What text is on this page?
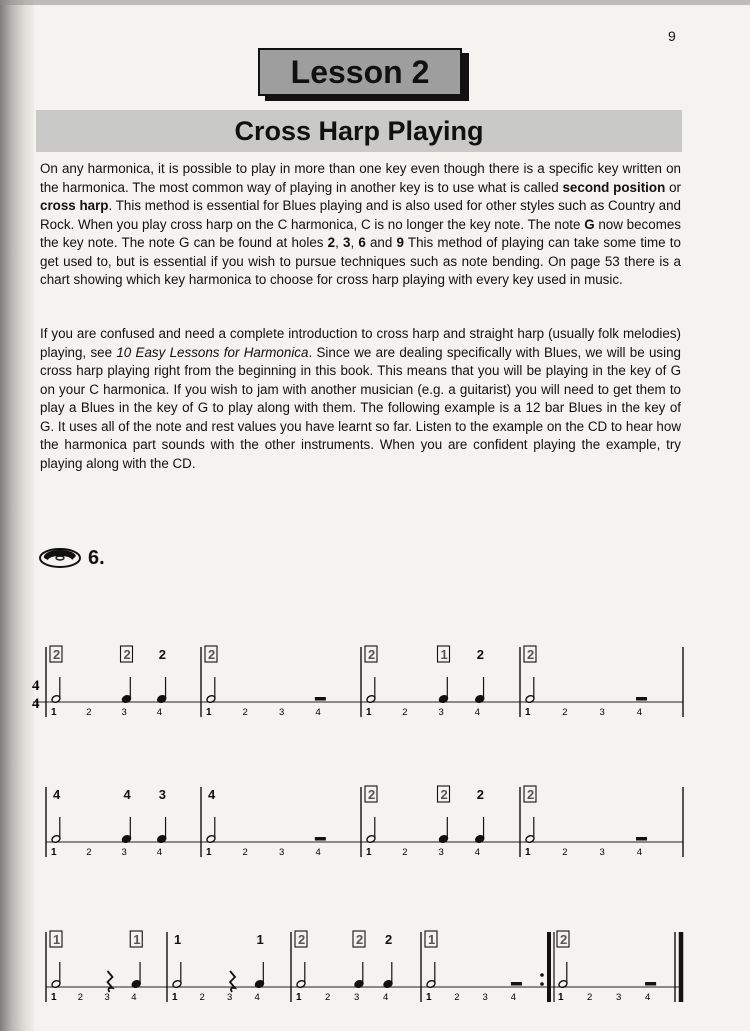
9
Lesson 2
Cross Harp Playing
On any harmonica, it is possible to play in more than one key even though there is a specific key written on the harmonica. The most common way of playing in another key is to use what is called second position or cross harp. This method is essential for Blues playing and is also used for other styles such as Country and Rock. When you play cross harp on the C harmonica, C is no longer the key note. The note G now becomes the key note. The note G can be found at holes 2, 3, 6 and 9 This method of playing can take some time to get used to, but is essential if you wish to pursue techniques such as note bending. On page 53 there is a chart showing which key harmonica to choose for cross harp playing with every key used in music.
If you are confused and need a complete introduction to cross harp and straight harp (usually folk melodies) playing, see 10 Easy Lessons for Harmonica. Since we are dealing specifically with Blues, we will be using cross harp playing right from the beginning in this book. This means that you will be playing in the key of G on your C harmonica. If you wish to jam with another musician (e.g. a guitarist) you will need to get them to play a Blues in the key of G to play along with them. The following example is a 12 bar Blues in the key of G. It uses all of the note and rest values you have learnt so far. Listen to the example on the CD to hear how the harmonica part sounds with the other instruments. When you are confident playing the example, try playing along with the CD.
6.
4
4
1	2	3	4
2	2 2
1	2	3	4
2
1	2	3	4
2	1 2
1	2	3	4
2
1	2	3	4
4	4 3
1	2	3	4
4
1	2	3	4
2	2 2
1	2	3	4
2
1 2 3 4
1	1
1 2 3 4
1	1
1 2 3 4
2	2 2
1 2 3 4
1
1 2 3 4
2
